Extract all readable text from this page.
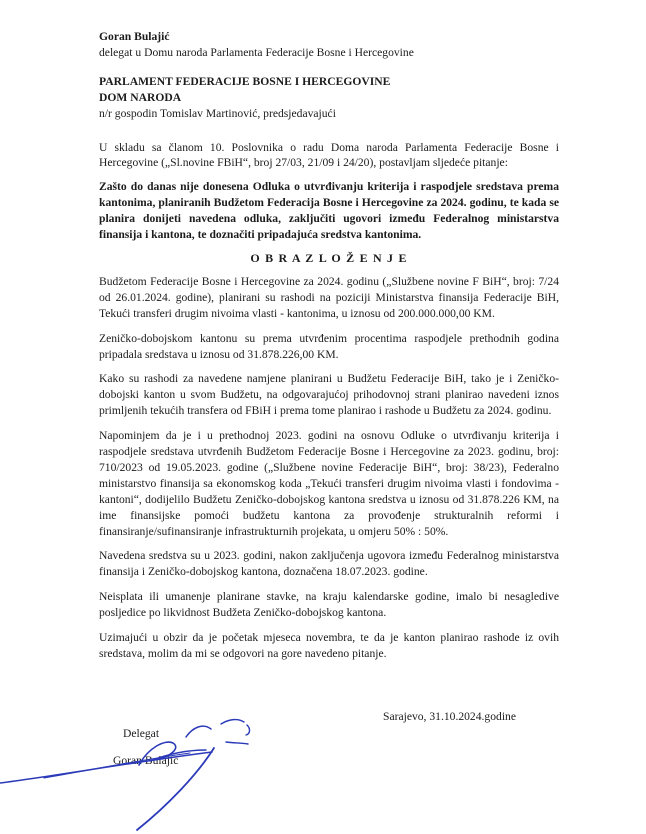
Goran Bulajić
delegat u Domu naroda Parlamenta Federacije Bosne i Hercegovine
PARLAMENT FEDERACIJE BOSNE I HERCEGOVINE
DOM NARODA
n/r gospodin Tomislav Martinović, predsjedavajući
U skladu sa članom 10. Poslovnika o radu Doma naroda Parlamenta Federacije Bosne i Hercegovine („Sl.novine FBiH“, broj 27/03, 21/09 i 24/20), postavljam sljedeće pitanje:
Zašto do danas nije donesena Odluka o utvrđivanju kriterija i raspodjele sredstava prema kantonima, planiranih Budžetom Federacija Bosne i Hercegovine za 2024. godinu, te kada se planira donijeti navedena odluka, zaključiti ugovori između Federalnog ministarstva finansija i kantona, te doznačiti pripadajuća sredstva kantonima.
O B R A Z L O Ž E N J E
Budžetom Federacije Bosne i Hercegovine za 2024. godinu („Službene novine F BiH“, broj: 7/24 od 26.01.2024. godine), planirani su rashodi na poziciji Ministarstva finansija Federacije BiH, Tekući transferi drugim nivoima vlasti - kantonima, u iznosu od 200.000.000,00 KM.
Zeničko-dobojskom kantonu su prema utvrđenim procentima raspodjele prethodnih godina pripadala sredstava u iznosu od 31.878.226,00 KM.
Kako su rashodi za navedene namjene planirani u Budžetu Federacije BiH, tako je i Zeničko-dobojski kanton u svom Budžetu, na odgovarajućoj prihodovnoj strani planirao navedeni iznos primljenih tekućih transfera od FBiH i prema tome planirao i rashode u Budžetu za 2024. godinu.
Napominjem da je i u prethodnoj 2023. godini na osnovu Odluke o utvrđivanju kriterija i raspodjele sredstava utvrđenih Budžetom Federacije Bosne i Hercegovine za 2023. godinu, broj: 710/2023 od 19.05.2023. godine („Službene novine Federacije BiH“, broj: 38/23), Federalno ministarstvo finansija sa ekonomskog koda „Tekući transferi drugim nivoima vlasti i fondovima - kantoni“, dodijelilo Budžetu Zeničko-dobojskog kantona sredstva u iznosu od 31.878.226 KM, na ime finansijske pomoći budžetu kantona za provođenje strukturalnih reformi i finansiranje/sufinansiranje infrastrukturnih projekata, u omjeru 50% : 50%.
Navedena sredstva su u 2023. godini, nakon zaključenja ugovora između Federalnog ministarstva finansija i Zeničko-dobojskog kantona, doznačena 18.07.2023. godine.
Neisplata ili umanenje planirane stavke, na kraju kalendarske godine, imalo bi nesagledive posljedice po likvidnost Budžeta Zeničko-dobojskog kantona.
Uzimajući u obzir da je početak mjeseca novembra, te da je kanton planirao rashode iz ovih sredstava, molim da mi se odgovori na gore navedeno pitanje.
Sarajevo, 31.10.2024.godine
Delegat
Goran Bulajić
